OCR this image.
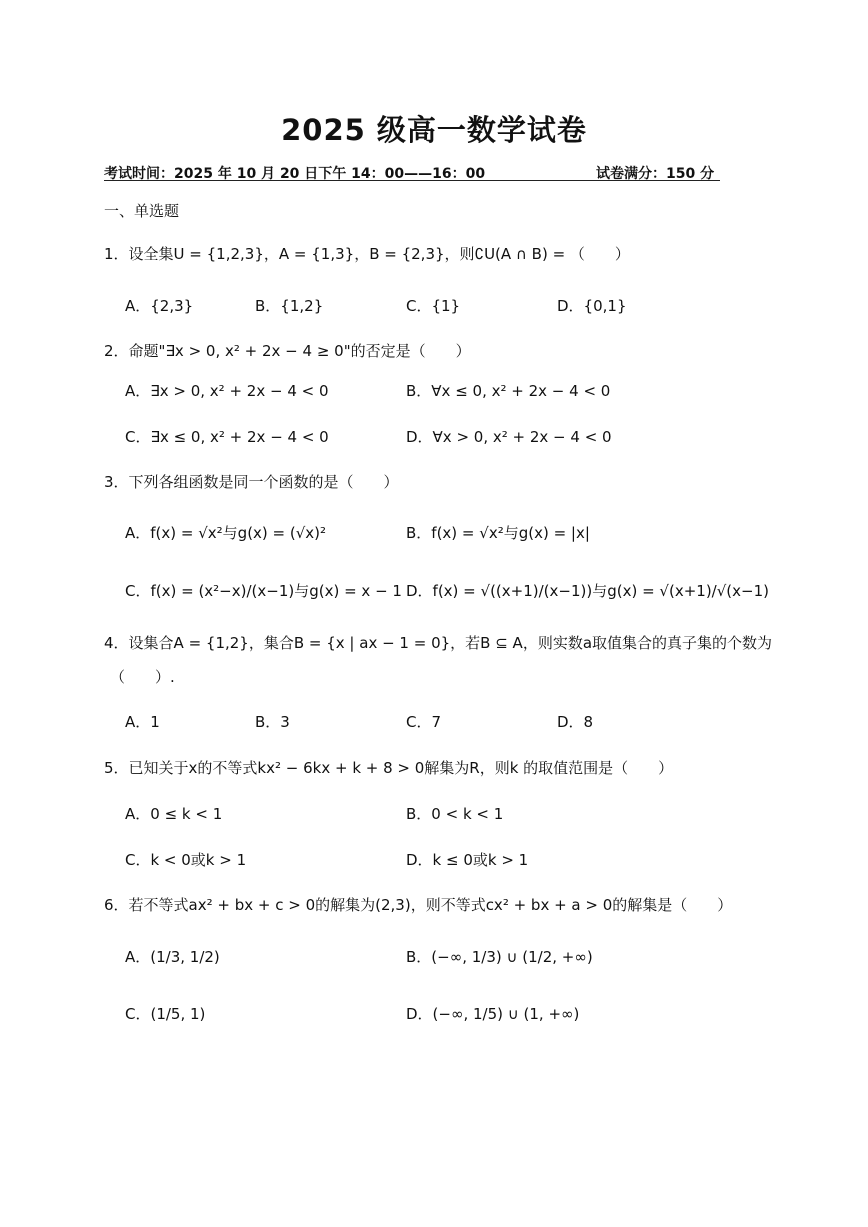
2025 级高一数学试卷
考试时间：2025 年 10 月 20 日下午 14：00——16：00	试卷满分：150 分
一、单选题
1．设全集U = {1,2,3}，A = {1,3}，B = {2,3}，则∁U(A ∩ B) = （　　）
A．{2,3}	B．{1,2}	C．{1}	D．{0,1}
2．命题"∃x > 0, x² + 2x − 4 ≥ 0"的否定是（　　）
A．∃x > 0, x² + 2x − 4 < 0	B．∀x ≤ 0, x² + 2x − 4 < 0
C．∃x ≤ 0, x² + 2x − 4 < 0	D．∀x > 0, x² + 2x − 4 < 0
3．下列各组函数是同一个函数的是（　　）
A．f(x) = √x²与g(x) = (√x)²	B．f(x) = √x²与g(x) = |x|
C．f(x) = (x²−x)/(x−1)与g(x) = x − 1 D．f(x) = √((x+1)/(x−1))与g(x) = √(x+1)/√(x−1)
4．设集合A = {1,2}，集合B = {x | ax − 1 = 0}，若B ⊆ A，则实数a取值集合的真子集的个数为
（　　）.
A．1	B．3	C．7	D．8
5．已知关于x的不等式kx² − 6kx + k + 8 > 0解集为R，则k 的取值范围是（　　）
A．0 ≤ k < 1	B．0 < k < 1
C．k < 0或k > 1	D．k ≤ 0或k > 1
6．若不等式ax² + bx + c > 0的解集为(2,3)，则不等式cx² + bx + a > 0的解集是（　　）
A．(1/3, 1/2)	B．(−∞, 1/3) ∪ (1/2, +∞)
C．(1/5, 1)	D．(−∞, 1/5) ∪ (1, +∞)
